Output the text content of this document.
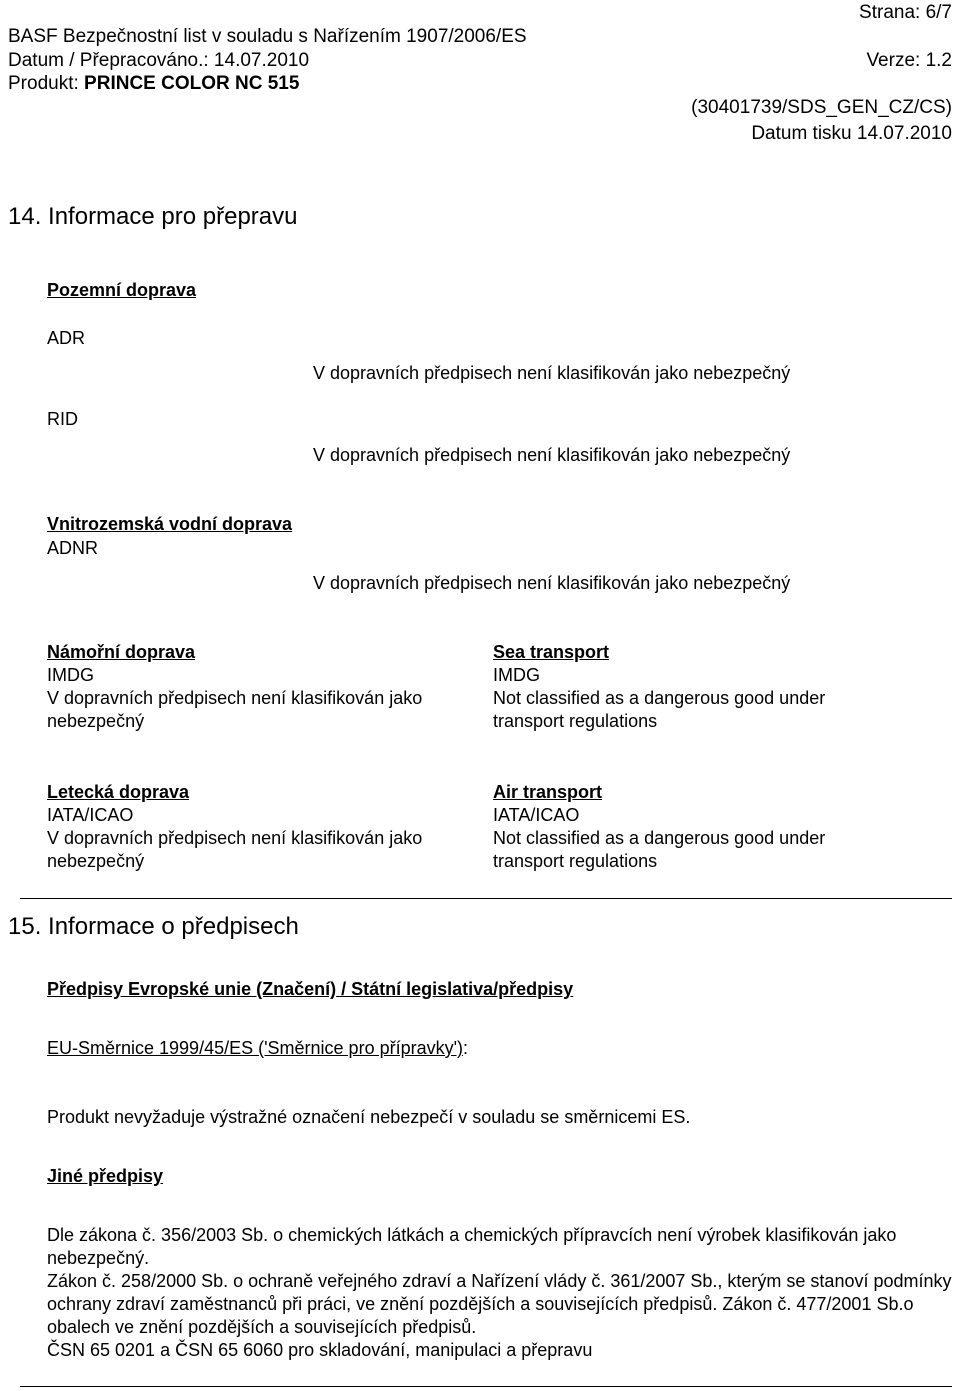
Strana: 6/7
BASF Bezpečnostní list v souladu s Nařízením 1907/2006/ES
Datum / Přepracováno.: 14.07.2010	Verze: 1.2
Produkt: PRINCE COLOR NC 515
(30401739/SDS_GEN_CZ/CS)
Datum tisku 14.07.2010
14. Informace pro přepravu
Pozemní doprava
ADR
V dopravních předpisech není klasifikován jako nebezpečný
RID
V dopravních předpisech není klasifikován jako nebezpečný
Vnitrozemská vodní doprava
ADNR
V dopravních předpisech není klasifikován jako nebezpečný
Námořní doprava
IMDG
V dopravních předpisech není klasifikován jako nebezpečný
Sea transport
IMDG
Not classified as a dangerous good under transport regulations
Letecká doprava
IATA/ICAO
V dopravních předpisech není klasifikován jako nebezpečný
Air transport
IATA/ICAO
Not classified as a dangerous good under transport regulations
15. Informace o předpisech
Předpisy Evropské unie (Značení) / Státní legislativa/předpisy
EU-Směrnice 1999/45/ES ('Směrnice pro přípravky'):
Produkt nevyžaduje výstražné označení nebezpečí v souladu se směrnicemi ES.
Jiné předpisy
Dle zákona č. 356/2003 Sb. o chemických látkách a chemických přípravcích není výrobek klasifikován jako nebezpečný.
Zákon č. 258/2000 Sb. o ochraně veřejného zdraví a Nařízení vlády č. 361/2007 Sb., kterým se stanoví podmínky ochrany zdraví zaměstnanců při práci, ve znění pozdějších a souvisejících předpisů. Zákon č. 477/2001 Sb.o obalech ve znění pozdějších a souvisejících předpisů.
ČSN 65 0201 a ČSN 65 6060 pro skladování, manipulaci a přepravu
